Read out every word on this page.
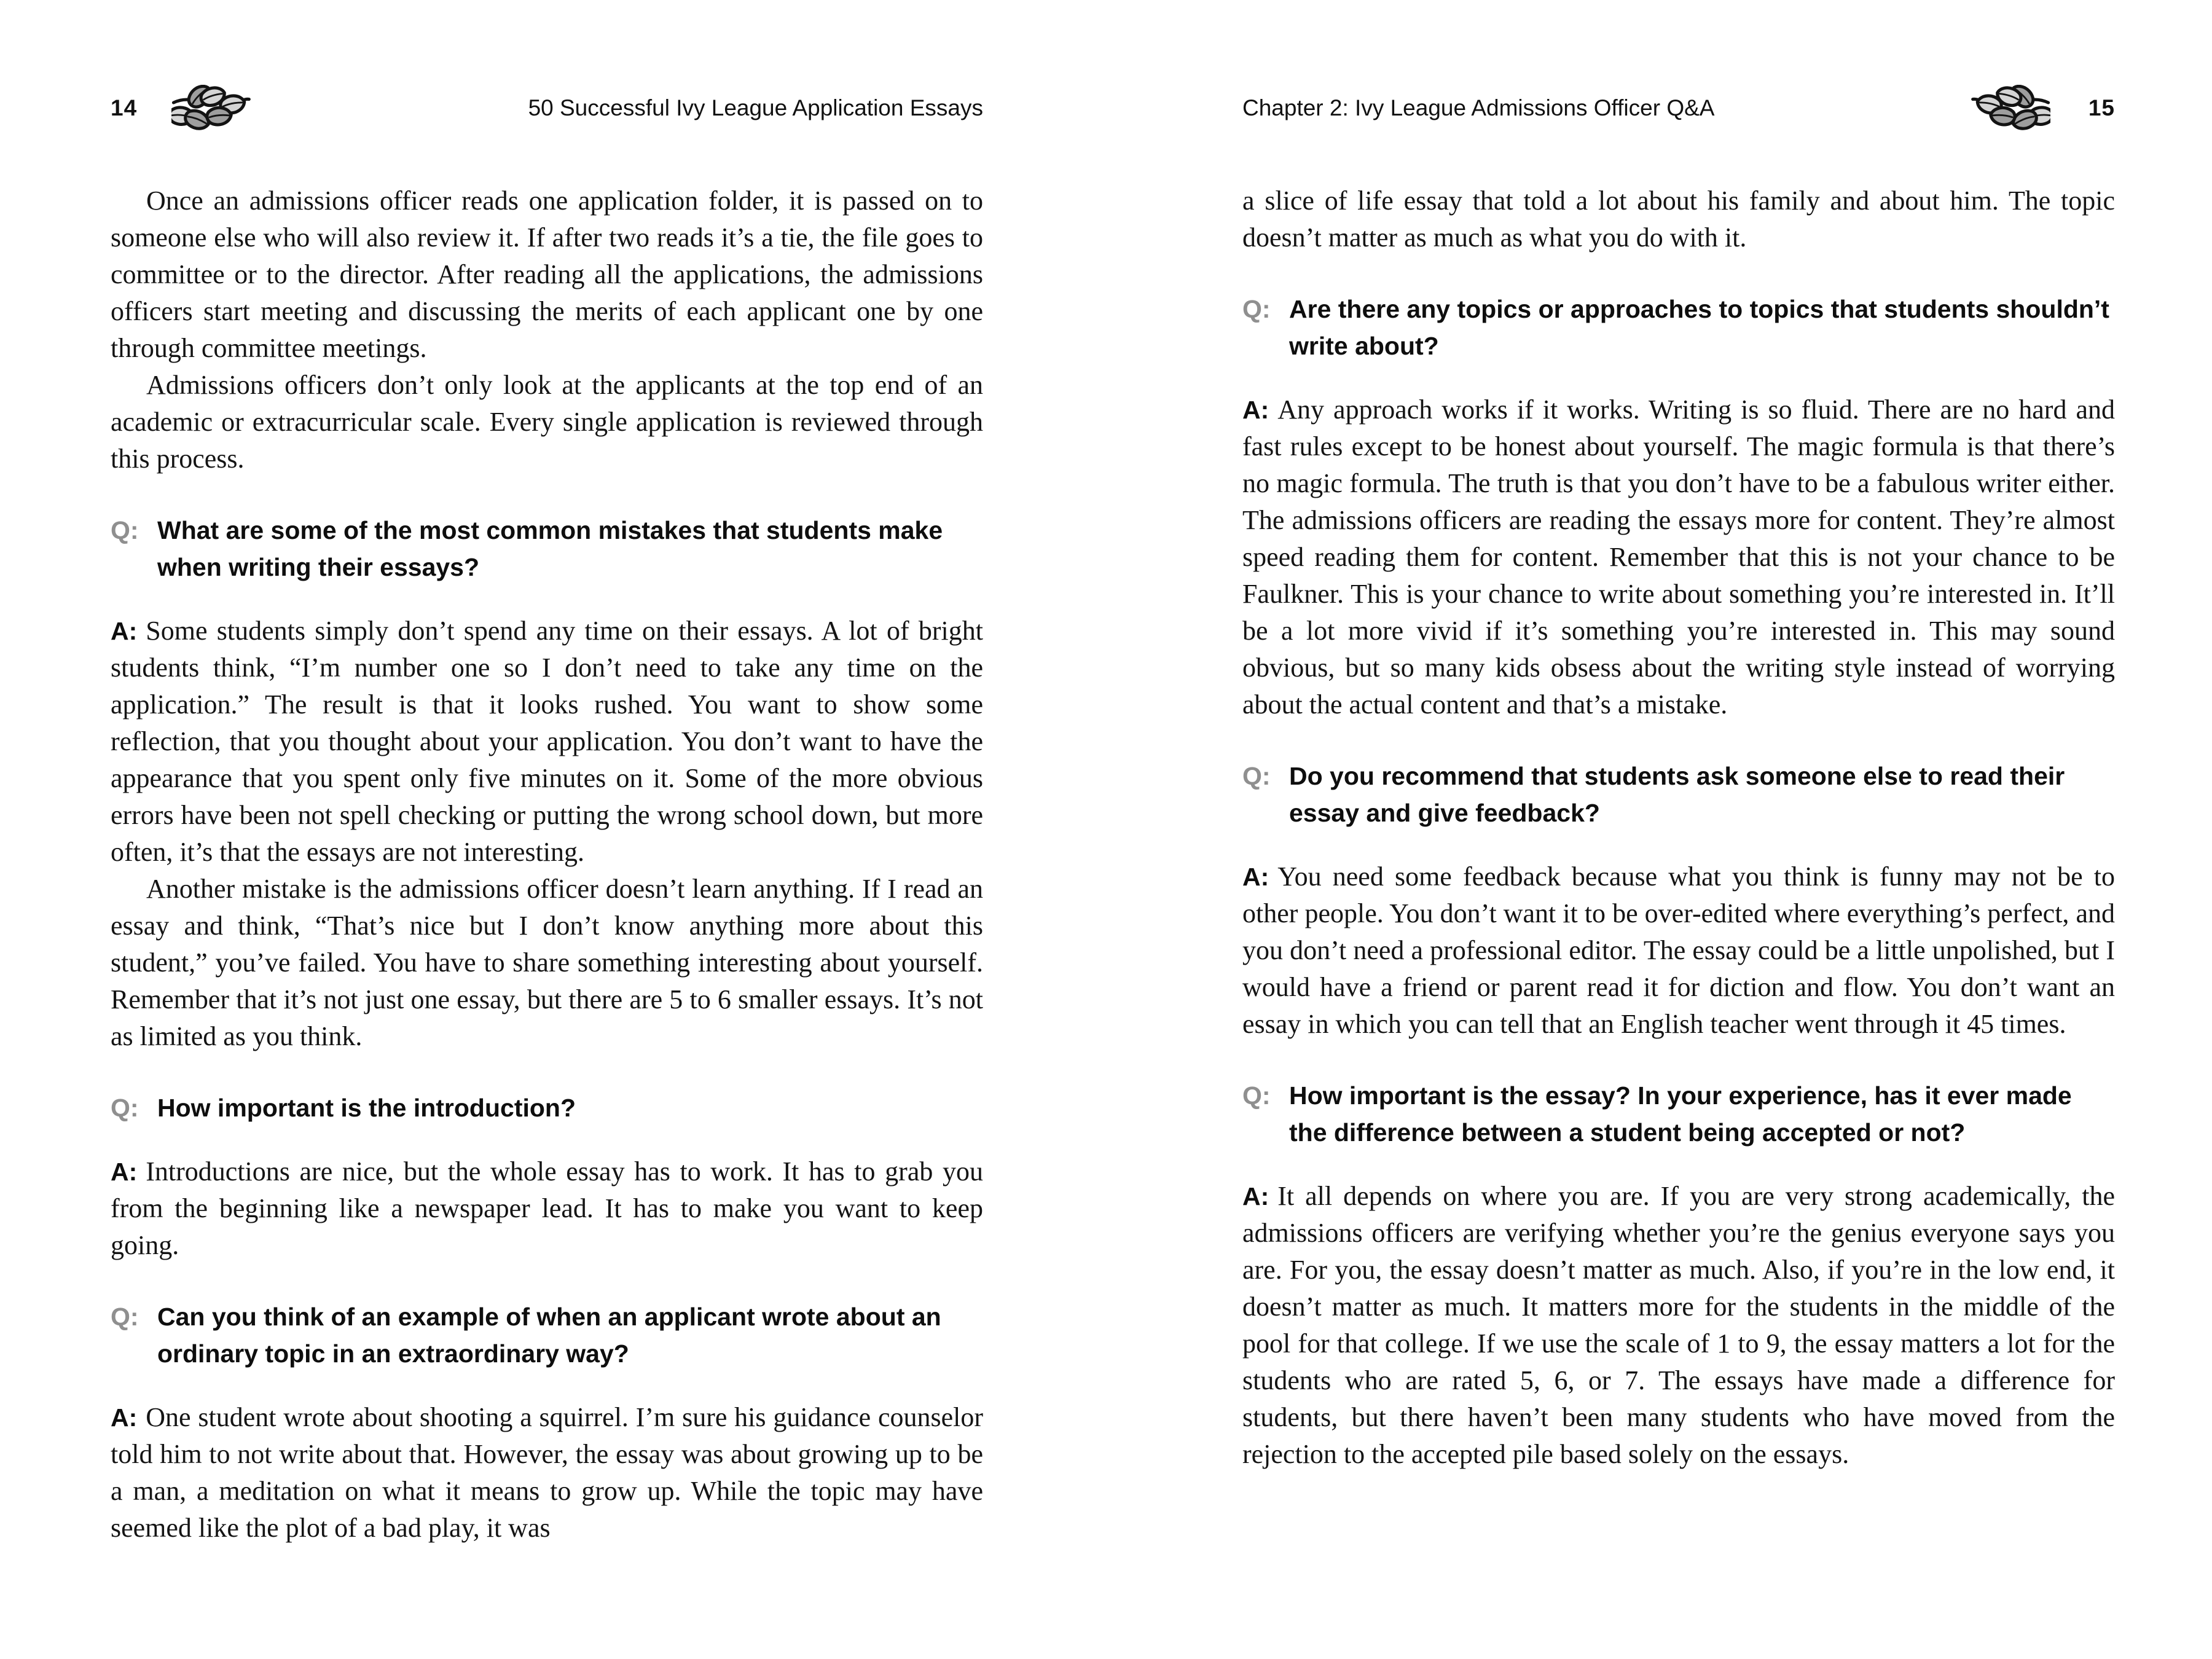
14	50 Successful Ivy League Application Essays

Once an admissions officer reads one application folder, it is passed on to someone else who will also review it. If after two reads it’s a tie, the file goes to committee or to the director. After reading all the applications, the admissions officers start meeting and discussing the merits of each applicant one by one through committee meetings.

Admissions officers don’t only look at the applicants at the top end of an academic or extracurricular scale. Every single application is reviewed through this process.

Q: What are some of the most common mistakes that students make when writing their essays?

A: Some students simply don’t spend any time on their essays. A lot of bright students think, “I’m number one so I don’t need to take any time on the application.” The result is that it looks rushed. You want to show some reflection, that you thought about your application. You don’t want to have the appearance that you spent only five minutes on it. Some of the more obvious errors have been not spell checking or putting the wrong school down, but more often, it’s that the essays are not interesting.

Another mistake is the admissions officer doesn’t learn anything. If I read an essay and think, “That’s nice but I don’t know anything more about this student,” you’ve failed. You have to share something interesting about yourself. Remember that it’s not just one essay, but there are 5 to 6 smaller essays. It’s not as limited as you think.

Q: How important is the introduction?

A: Introductions are nice, but the whole essay has to work. It has to grab you from the beginning like a newspaper lead. It has to make you want to keep going.

Q: Can you think of an example of when an applicant wrote about an ordinary topic in an extraordinary way?

A: One student wrote about shooting a squirrel. I’m sure his guidance counselor told him to not write about that. However, the essay was about growing up to be a man, a meditation on what it means to grow up. While the topic may have seemed like the plot of a bad play, it was

Chapter 2: Ivy League Admissions Officer Q&A	15

a slice of life essay that told a lot about his family and about him. The topic doesn’t matter as much as what you do with it.

Q: Are there any topics or approaches to topics that students shouldn’t write about?

A: Any approach works if it works. Writing is so fluid. There are no hard and fast rules except to be honest about yourself. The magic formula is that there’s no magic formula. The truth is that you don’t have to be a fabulous writer either. The admissions officers are reading the essays more for content. They’re almost speed reading them for content. Remember that this is not your chance to be Faulkner. This is your chance to write about something you’re interested in. It’ll be a lot more vivid if it’s something you’re interested in. This may sound obvious, but so many kids obsess about the writing style instead of worrying about the actual content and that’s a mistake.

Q: Do you recommend that students ask someone else to read their essay and give feedback?

A: You need some feedback because what you think is funny may not be to other people. You don’t want it to be over-edited where everything’s perfect, and you don’t need a professional editor. The essay could be a little unpolished, but I would have a friend or parent read it for diction and flow. You don’t want an essay in which you can tell that an English teacher went through it 45 times.

Q: How important is the essay? In your experience, has it ever made the difference between a student being accepted or not?

A: It all depends on where you are. If you are very strong academically, the admissions officers are verifying whether you’re the genius everyone says you are. For you, the essay doesn’t matter as much. Also, if you’re in the low end, it doesn’t matter as much. It matters more for the students in the middle of the pool for that college. If we use the scale of 1 to 9, the essay matters a lot for the students who are rated 5, 6, or 7. The essays have made a difference for students, but there haven’t been many students who have moved from the rejection to the accepted pile based solely on the essays.
